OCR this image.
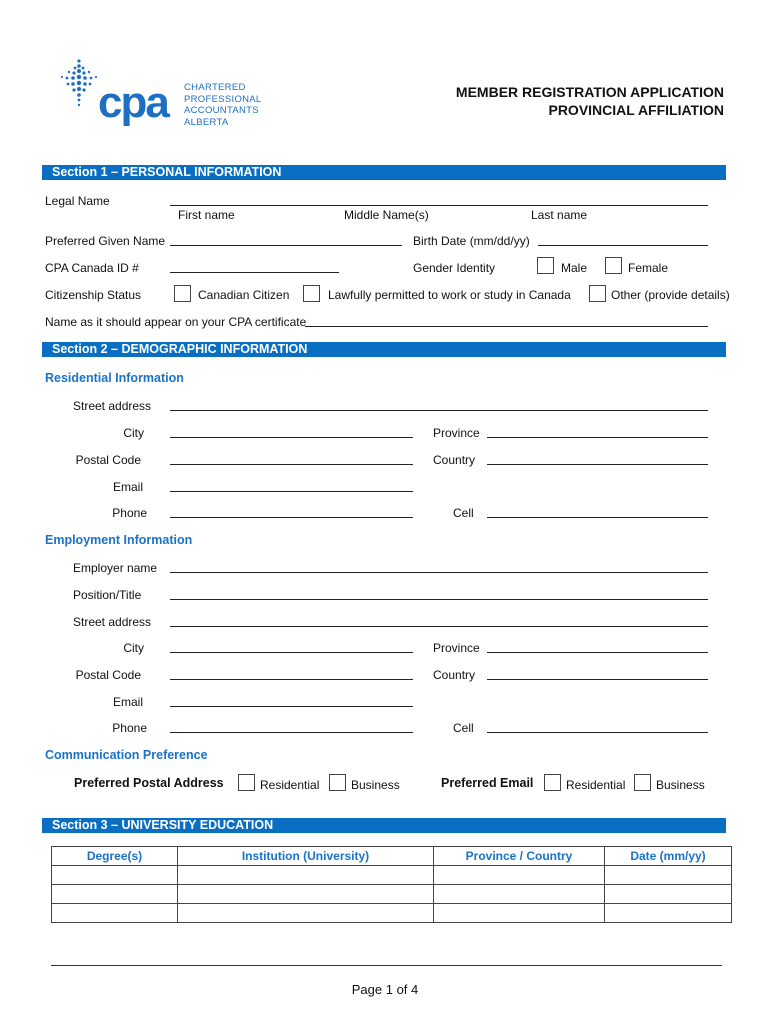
cpa CHARTERED
PROFESSIONAL
ACCOUNTANTS
ALBERTA
MEMBER REGISTRATION APPLICATION
PROVINCIAL AFFILIATION
Section 1 – PERSONAL INFORMATION
Legal Name
First name	Middle Name(s)	Last name
Preferred Given Name	Birth Date (mm/dd/yy)
CPA Canada ID #	Gender Identity	Male	Female
Citizenship Status	Canadian Citizen	Lawfully permitted to work or study in Canada	Other (provide details)
Name as it should appear on your CPA certificate
Section 2 – DEMOGRAPHIC INFORMATION
Residential Information
Street address
City	Province
Postal Code	Country
Email
Phone	Cell
Employment Information
Employer name
Position/Title
Street address
City	Province
Postal Code	Country
Email
Phone	Cell
Communication Preference
Preferred Postal Address	Residential	Business	Preferred Email	Residential	Business
Section 3 – UNIVERSITY EDUCATION
Degree(s)	Institution (University)	Province / Country	Date (mm/yy)

Page 1 of 4
